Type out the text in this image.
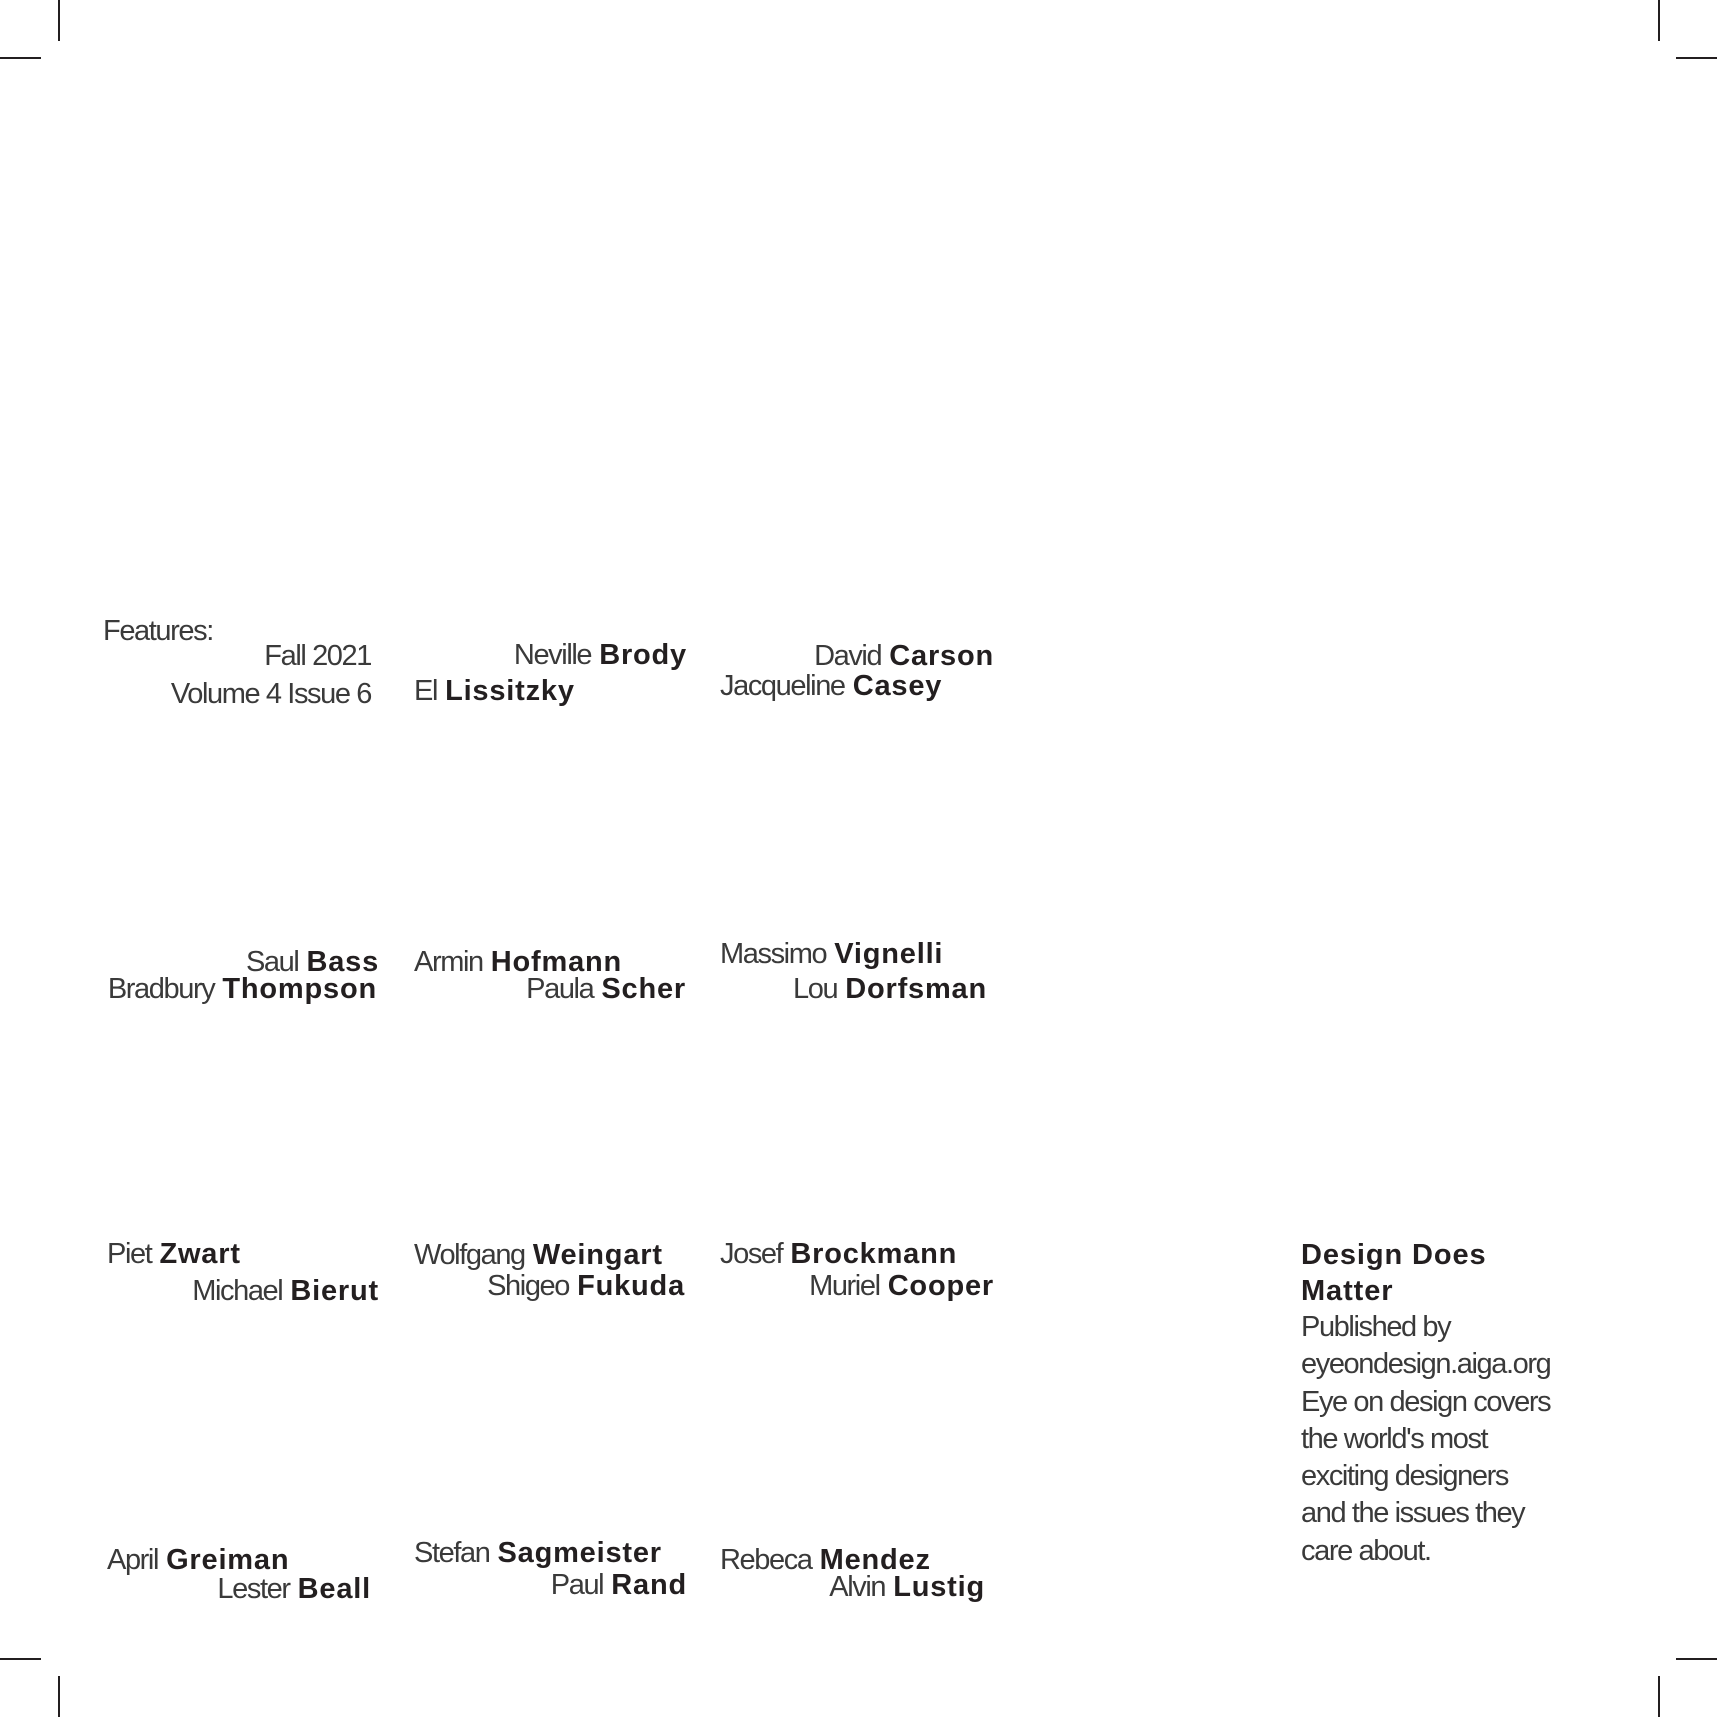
Features:
Fall 2021
Volume 4 Issue 6
Neville Brody
El Lissitzky
David Carson
Jacqueline Casey
Saul Bass
Bradbury Thompson
Armin Hofmann
Paula Scher
Massimo Vignelli
Lou Dorfsman
Piet Zwart
Michael Bierut
Wolfgang Weingart
Shigeo Fukuda
Josef Brockmann
Muriel Cooper
April Greiman
Lester Beall
Stefan Sagmeister
Paul Rand
Rebeca Mendez
Alvin Lustig
Design Does
Matter
Published by
eyeondesign.aiga.org
Eye on design covers
the world's most
exciting designers
and the issues they
care about.
